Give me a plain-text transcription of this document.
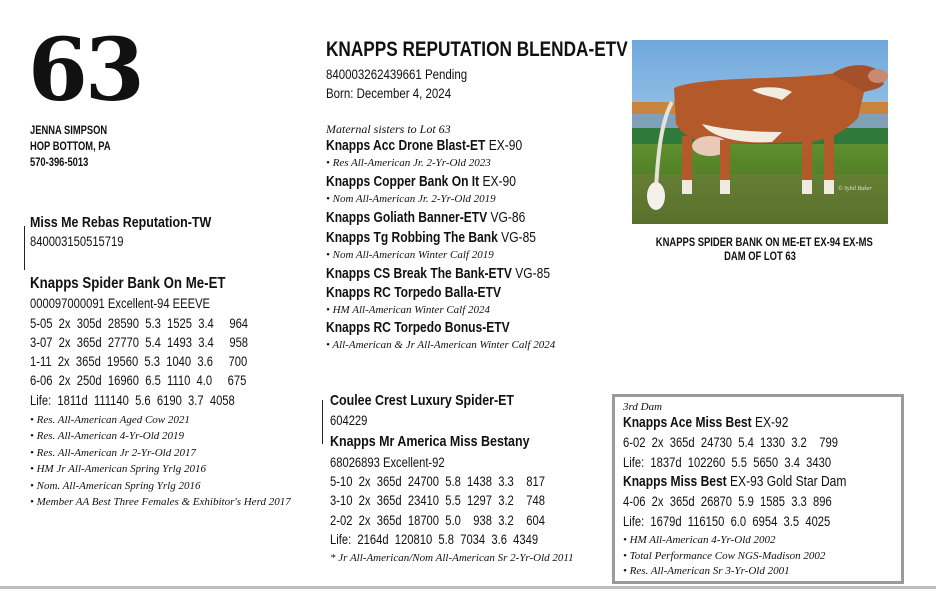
63
JENNA SIMPSON
HOP BOTTOM, PA
570-396-5013
KNAPPS REPUTATION BLENDA-ETV
840003262439661 Pending
Born: December 4, 2024
Maternal sisters to Lot 63
Knapps Acc Drone Blast-ET EX-90
• Res All-American Jr. 2-Yr-Old 2023
Knapps Copper Bank On It EX-90
• Nom All-American Jr. 2-Yr-Old 2019
Knapps Goliath Banner-ETV VG-86
Knapps Tg Robbing The Bank VG-85
• Nom All-American Winter Calf 2019
Knapps CS Break The Bank-ETV VG-85
Knapps RC Torpedo Balla-ETV
• HM All-American Winter Calf 2024
Knapps RC Torpedo Bonus-ETV
• All-American & Jr All-American Winter Calf 2024
© Sybil Baker
KNAPPS SPIDER BANK ON ME-ET EX-94 EX-MS
DAM OF LOT 63
Miss Me Rebas Reputation-TW
840003150515719
Knapps Spider Bank On Me-ET
000097000091 Excellent-94 EEEVE
5-05  2x  305d  28590  5.3  1525  3.4     964
3-07  2x  365d  27770  5.4  1493  3.4     958
1-11  2x  365d  19560  5.3  1040  3.6     700
6-06  2x  250d  16960  6.5  1110  4.0     675
Life:  1811d  111140  5.6  6190  3.7  4058
• Res. All-American Aged Cow 2021
• Res. All-American 4-Yr-Old 2019
• Res. All-American Jr 2-Yr-Old 2017
• HM Jr All-American Spring Yrlg 2016
• Nom. All-American Spring Yrlg 2016
• Member AA Best Three Females & Exhibitor's Herd 2017
Coulee Crest Luxury Spider-ET
604229
Knapps Mr America Miss Bestany
68026893 Excellent-92
5-10  2x  365d  24700  5.8  1438  3.3    817
3-10  2x  365d  23410  5.5  1297  3.2    748
2-02  2x  365d  18700  5.0    938  3.2    604
Life:  2164d  120810  5.8  7034  3.6  4349
* Jr All-American/Nom All-American Sr 2-Yr-Old 2011
3rd Dam
Knapps Ace Miss Best EX-92
6-02  2x  365d  24730  5.4  1330  3.2    799
Life:  1837d  102260  5.5  5650  3.4  3430
Knapps Miss Best EX-93 Gold Star Dam
4-06  2x  365d  26870  5.9  1585  3.3  896
Life:  1679d  116150  6.0  6954  3.5  4025
• HM All-American 4-Yr-Old 2002
• Total Performance Cow NGS-Madison 2002
• Res. All-American Sr 3-Yr-Old 2001
